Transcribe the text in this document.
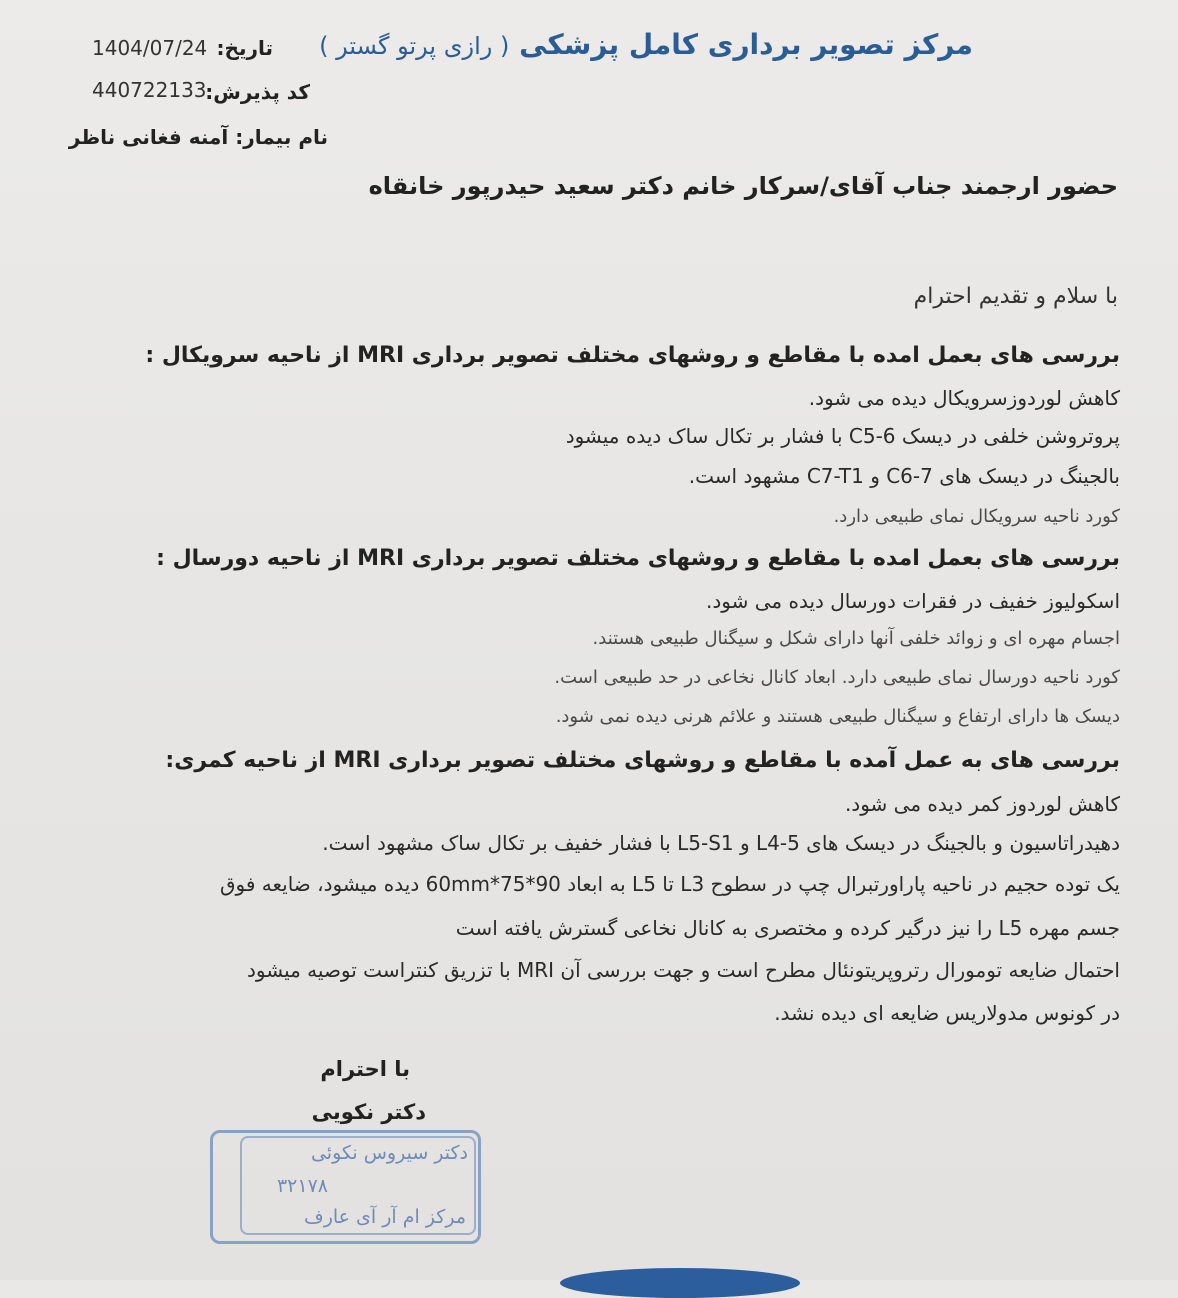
مرکز تصویر برداری کامل پزشکی ( رازی پرتو گستر )
تاریخ:
1404/07/24
کد پذیرش:
440722133
نام بیمار: آمنه فغانی ناظر
حضور ارجمند جناب آقای/سرکار خانم دکتر سعید حیدرپور خانقاه
با سلام و تقدیم احترام
بررسی های بعمل امده با مقاطع و روشهای مختلف تصویر برداری MRI از ناحیه سرویکال :
کاهش لوردوزسرویکال دیده می شود.
پروتروشن خلفی در دیسک C5-6 با فشار بر تکال ساک دیده میشود
بالجینگ در دیسک های C6-7 و C7-T1 مشهود است.
کورد ناحیه سرویکال نمای طبیعی دارد.
بررسی های بعمل امده با مقاطع و روشهای مختلف تصویر برداری MRI از ناحیه دورسال :
اسکولیوز خفیف در فقرات دورسال دیده می شود.
اجسام مهره ای و زوائد خلفی آنها دارای شکل و سیگنال طبیعی هستند.
کورد ناحیه دورسال نمای طبیعی دارد. ابعاد کانال نخاعی در حد طبیعی است.
دیسک ها دارای ارتفاع و سیگنال طبیعی هستند و علائم هرنی دیده نمی شود.
بررسی های به عمل آمده با مقاطع و روشهای مختلف تصویر برداری MRI از ناحیه کمری:
کاهش لوردوز کمر دیده می شود.
دهیدراتاسیون و بالجینگ در دیسک های L4-5 و L5-S1 با فشار خفیف بر تکال ساک مشهود است.
یک توده حجیم در ناحیه پاراورتبرال چپ در سطوح L3 تا L5 به ابعاد 60mm*75*90 دیده میشود، ضایعه فوق
جسم مهره L5 را نیز درگیر کرده و مختصری به کانال نخاعی گسترش یافته است
احتمال ضایعه تومورال رتروپریتونئال مطرح است و جهت بررسی آن MRI با تزریق کنتراست توصیه میشود
در کونوس مدولاریس ضایعه ای دیده نشد.
با احترام
دکتر نکویی
دکتر سیروس نکوئی
۳۲۱۷۸
مرکز ام آر آی عارف
